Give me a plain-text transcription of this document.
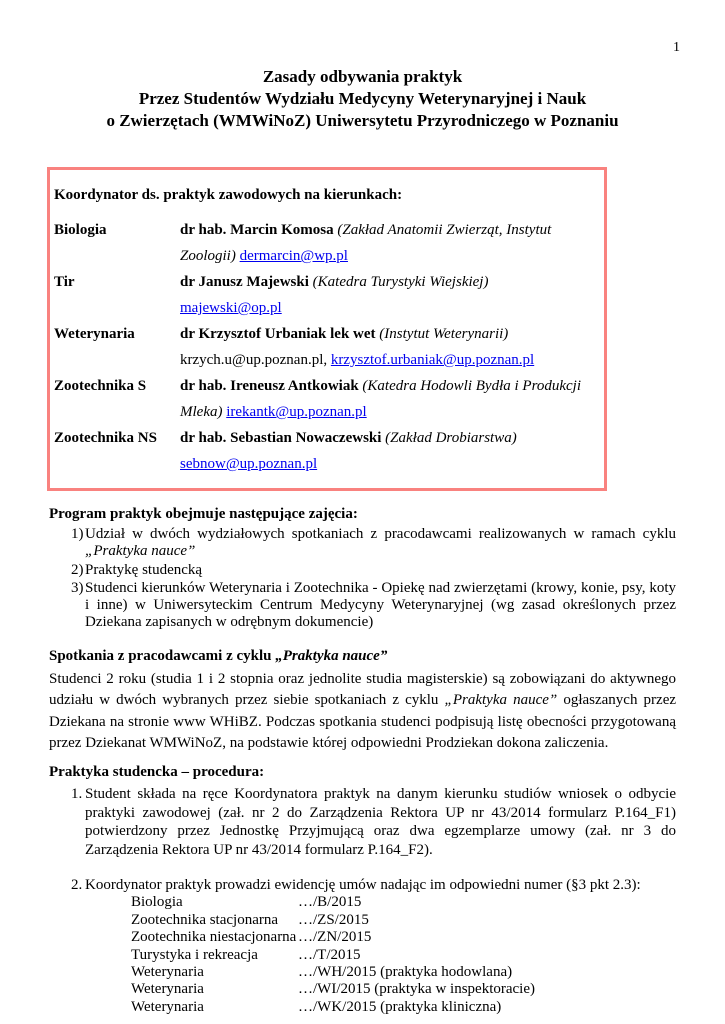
1
Zasady odbywania praktyk
Przez Studentów Wydziału Medycyny Weterynaryjnej i Nauk
o Zwierzętach (WMWiNoZ) Uniwersytetu Przyrodniczego w Poznaniu
Koordynator ds. praktyk zawodowych na kierunkach:
Biologia	dr hab. Marcin Komosa (Zakład Anatomii Zwierząt, Instytut
Zoologii) dermarcin@wp.pl
Tir	dr Janusz Majewski (Katedra Turystyki Wiejskiej)
majewski@op.pl
Weterynaria	dr Krzysztof Urbaniak lek wet (Instytut Weterynarii)
krzych.u@up.poznan.pl, krzysztof.urbaniak@up.poznan.pl
Zootechnika S	dr hab. Ireneusz Antkowiak (Katedra Hodowli Bydła i Produkcji
Mleka) irekantk@up.poznan.pl
Zootechnika NS	dr hab. Sebastian Nowaczewski (Zakład Drobiarstwa)
sebnow@up.poznan.pl
Program praktyk obejmuje następujące zajęcia:
1) Udział w dwóch wydziałowych spotkaniach z pracodawcami realizowanych w ramach cyklu „Praktyka nauce”
2) Praktykę studencką
3) Studenci kierunków Weterynaria i Zootechnika - Opiekę nad zwierzętami (krowy, konie, psy, koty i inne) w Uniwersyteckim Centrum Medycyny Weterynaryjnej (wg zasad określonych przez Dziekana zapisanych w odrębnym dokumencie)
Spotkania z pracodawcami z cyklu „Praktyka nauce”
Studenci 2 roku (studia 1 i 2 stopnia oraz jednolite studia magisterskie) są zobowiązani do aktywnego udziału w dwóch wybranych przez siebie spotkaniach z cyklu „Praktyka nauce” ogłaszanych przez Dziekana na stronie www WHiBZ. Podczas spotkania studenci podpisują listę obecności przygotowaną przez Dziekanat WMWiNoZ, na podstawie której odpowiedni Prodziekan dokona zaliczenia.
Praktyka studencka – procedura:
1. Student składa na ręce Koordynatora praktyk na danym kierunku studiów wniosek o odbycie praktyki zawodowej (zał. nr 2 do Zarządzenia Rektora UP nr 43/2014 formularz P.164_F1) potwierdzony przez Jednostkę Przyjmującą oraz dwa egzemplarze umowy (zał. nr 3 do Zarządzenia Rektora UP nr 43/2014 formularz P.164_F2).
2. Koordynator praktyk prowadzi ewidencję umów nadając im odpowiedni numer (§3 pkt 2.3):
Biologia	…/B/2015
Zootechnika stacjonarna	…/ZS/2015
Zootechnika niestacjonarna …/ZN/2015
Turystyka i rekreacja	…/T/2015
Weterynaria	…/WH/2015 (praktyka hodowlana)
Weterynaria	…/WI/2015 (praktyka w inspektoracie)
Weterynaria	…/WK/2015 (praktyka kliniczna)
